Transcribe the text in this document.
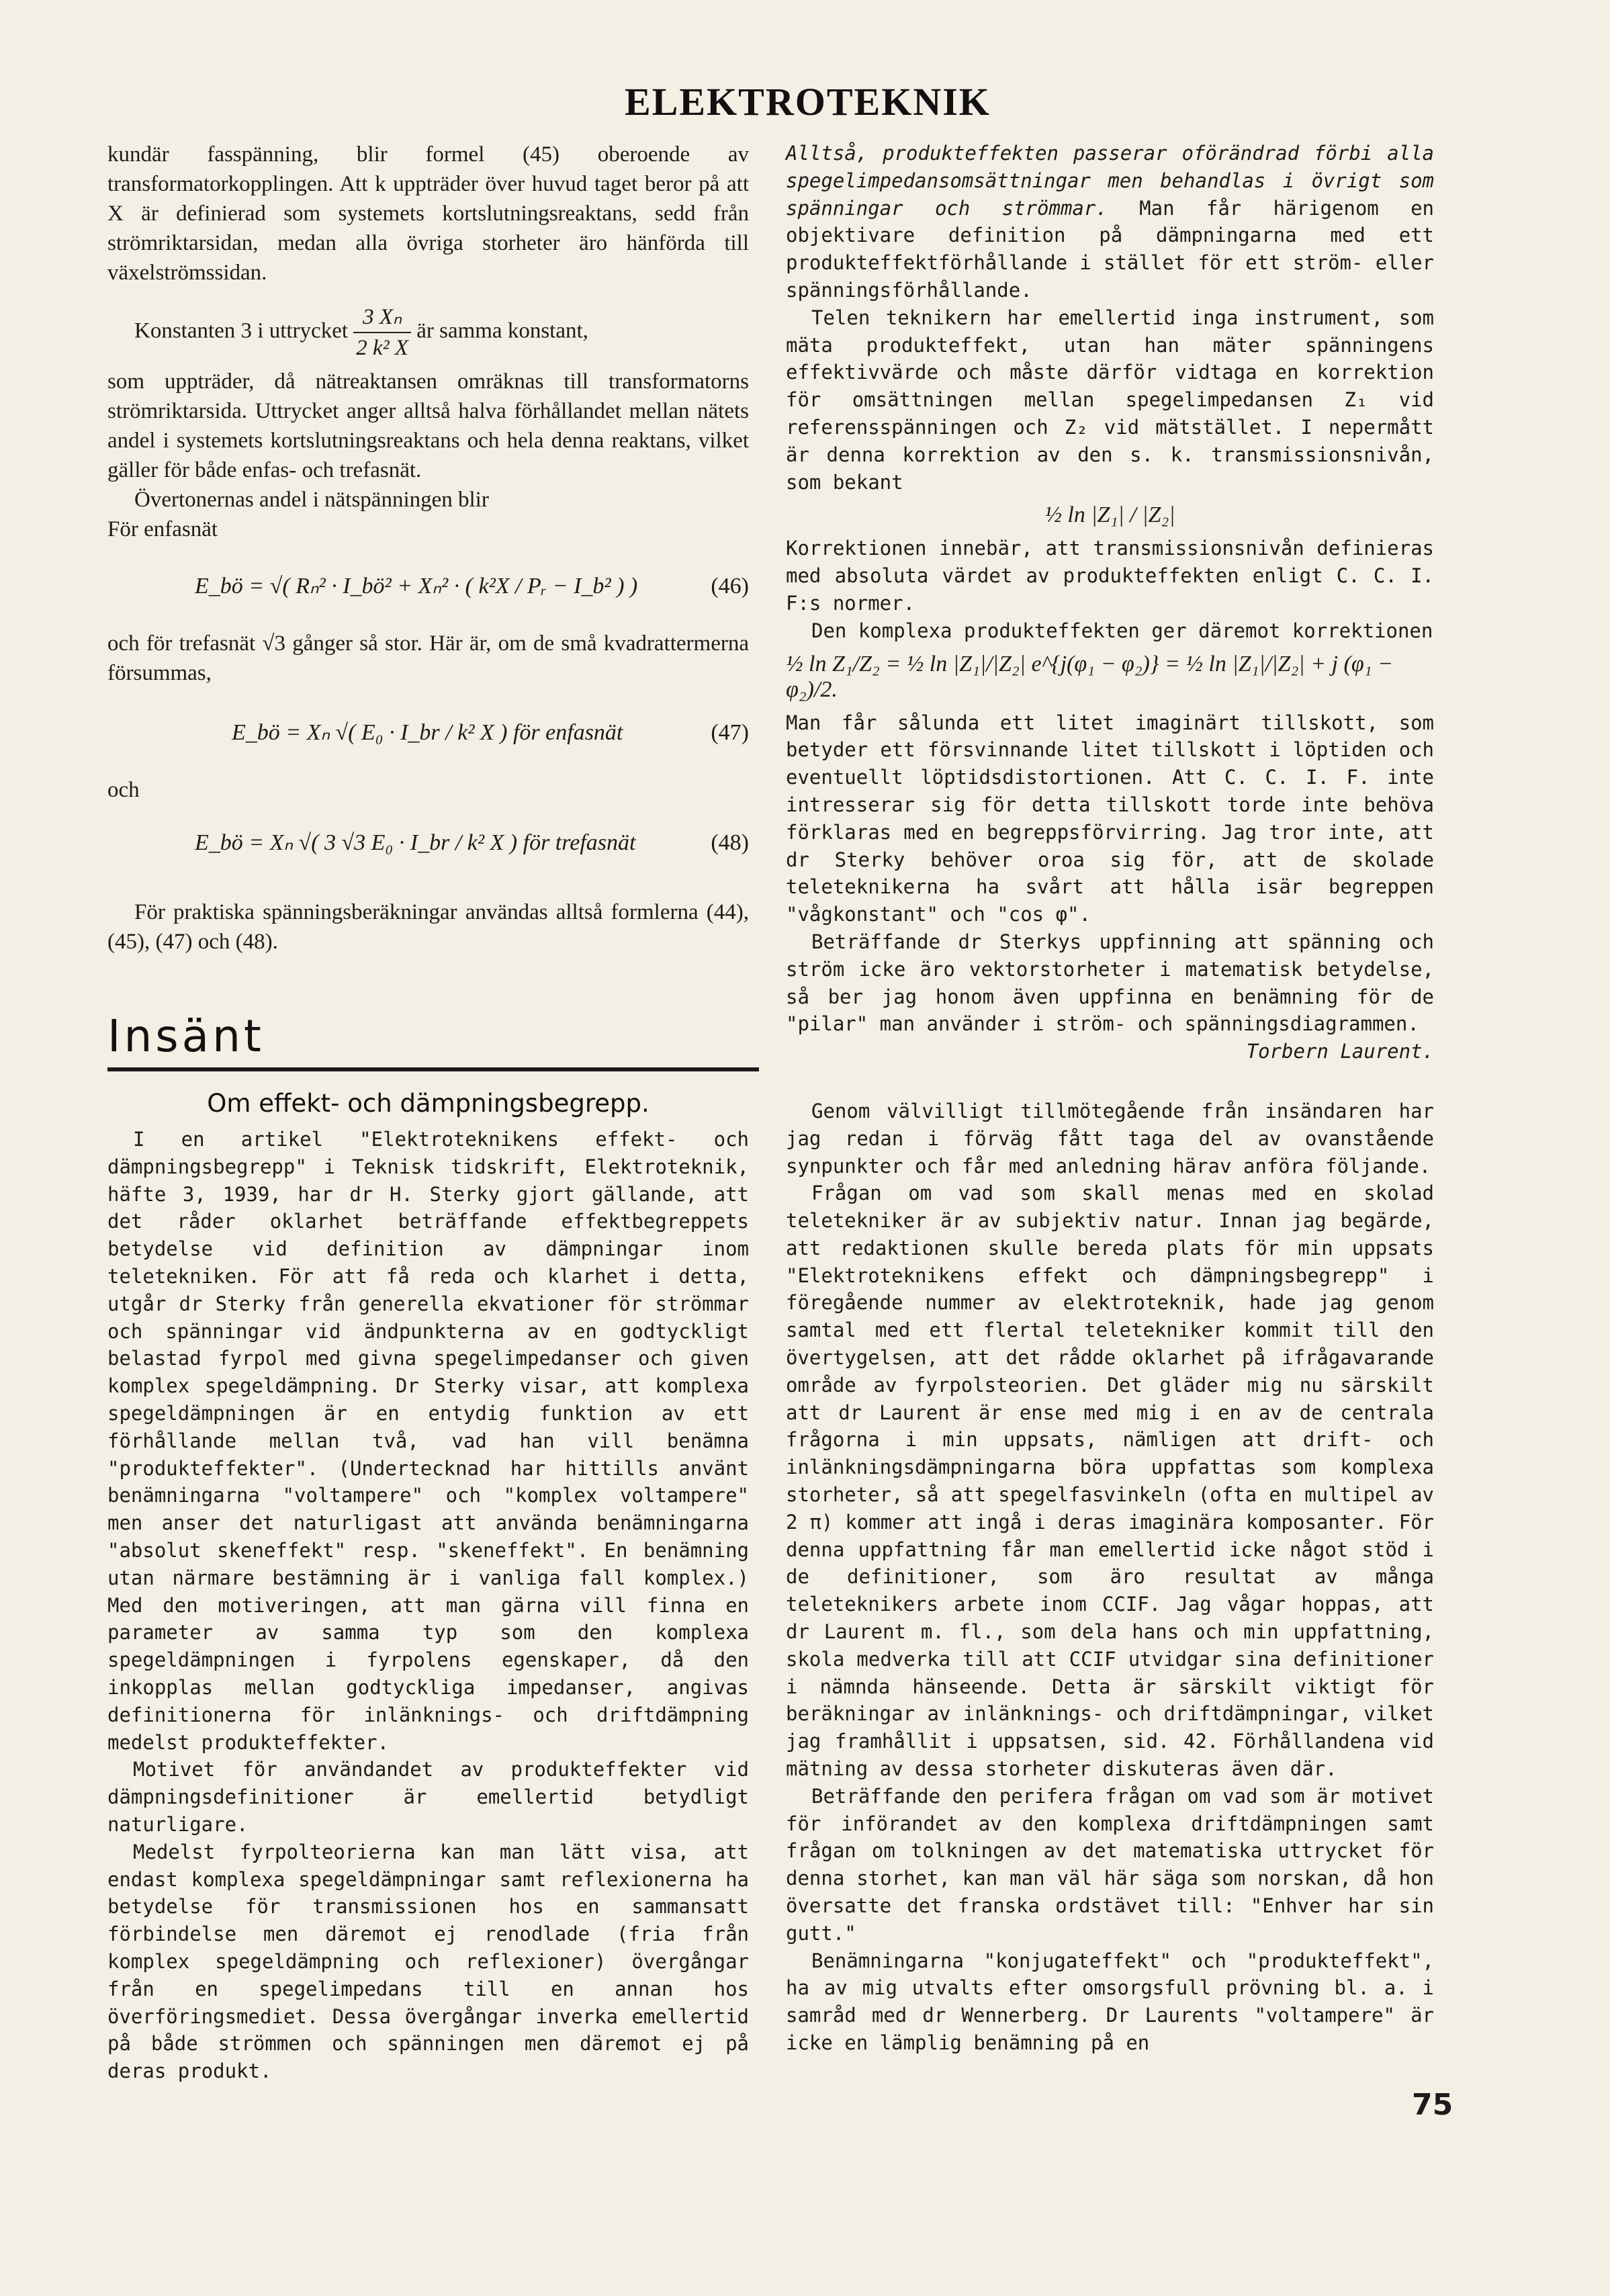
ELEKTROTEKNIK

kundär fasspänning, blir formel (45) oberoende av transformatorkopplingen. Att k uppträder över huvud taget beror på att X är definierad som systemets kortslutningsreaktans, sedd från strömriktarsidan, medan alla övriga storheter äro hänförda till växelströmssidan.

Konstanten 3 i uttrycket $\frac{\text{3 Xₙ}}{\text{2 k² X}}$ är samma konstant,

som uppträder, då nätreaktansen omräknas till transformatorns strömriktarsida. Uttrycket anger alltså halva förhållandet mellan nätets andel i systemets kortslutningsreaktans och hela denna reaktans, vilket gäller för både enfas- och trefasnät.

Övertonernas andel i nätspänningen blir

För enfasnät

E_bö = √( Rₙ² · I_bö² + Xₙ² · ( k²X / Pᵣ − I_b² ) )	(46)

och för trefasnät √3 gånger så stor. Här är, om de små kvadrattermerna försummas,

E_bö = Xₙ √( E₀ · I_br / k² X ) för enfasnät	(47)

och

E_bö = Xₙ √( 3 √3 E₀ · I_br / k² X ) för trefasnät	(48)

För praktiska spänningsberäkningar användas alltså formlerna (44), (45), (47) och (48).

Insänt
Om effekt- och dämpningsbegrepp.

I en artikel "Elektroteknikens effekt- och dämpningsbegrepp" i Teknisk tidskrift, Elektroteknik, häfte 3, 1939, har dr H. Sterky gjort gällande, att det råder oklarhet beträffande effektbegreppets betydelse vid definition av dämpningar inom teletekniken. För att få reda och klarhet i detta, utgår dr Sterky från generella ekvationer för strömmar och spänningar vid ändpunkterna av en godtyckligt belastad fyrpol med givna spegelimpedanser och given komplex spegeldämpning. Dr Sterky visar, att komplexa spegeldämpningen är en entydig funktion av ett förhållande mellan två, vad han vill benämna "produkteffekter". (Undertecknad har hittills använt benämningarna "voltampere" och "komplex voltampere" men anser det naturligast att använda benämningarna "absolut skeneffekt" resp. "skeneffekt". En benämning utan närmare bestämning är i vanliga fall komplex.) Med den motiveringen, att man gärna vill finna en parameter av samma typ som den komplexa spegeldämpningen i fyrpolens egenskaper, då den inkopplas mellan godtyckliga impedanser, angivas definitionerna för inlänknings- och driftdämpning medelst produkteffekter.

Motivet för användandet av produkteffekter vid dämpningsdefinitioner är emellertid betydligt naturligare.

Medelst fyrpolteorierna kan man lätt visa, att endast komplexa spegeldämpningar samt reflexionerna ha betydelse för transmissionen hos en sammansatt förbindelse men däremot ej renodlade (fria från komplex spegeldämpning och reflexioner) övergångar från en spegelimpedans till en annan hos överföringsmediet. Dessa övergångar inverka emellertid på både strömmen och spänningen men däremot ej på deras produkt.

Alltså, produkteffekten passerar oförändrad förbi alla spegelimpedansomsättningar men behandlas i övrigt som spänningar och strömmar. Man får härigenom en objektivare definition på dämpningarna med ett produkteffektförhållande i stället för ett ström- eller spänningsförhållande.

Telen teknikern har emellertid inga instrument, som mäta produkteffekt, utan han mäter spänningens effektivvärde och måste därför vidtaga en korrektion för omsättningen mellan spegelimpedansen Z₁ vid referensspänningen och Z₂ vid mätstället. I nepermått är denna korrektion av den s. k. transmissionsnivån, som bekant

½ ln |Z₁| / |Z₂|

Korrektionen innebär, att transmissionsnivån definieras med absoluta värdet av produkteffekten enligt C. C. I. F:s normer.

Den komplexa produkteffekten ger däremot korrektionen

½ ln Z₁/Z₂ = ½ ln |Z₁|/|Z₂| e^{j(φ₁ − φ₂)} = ½ ln |Z₁|/|Z₂| + j (φ₁ − φ₂)/2.

Man får sålunda ett litet imaginärt tillskott, som betyder ett försvinnande litet tillskott i löptiden och eventuellt löptidsdistortionen. Att C. C. I. F. inte intresserar sig för detta tillskott torde inte behöva förklaras med en begreppsförvirring. Jag tror inte, att dr Sterky behöver oroa sig för, att de skolade teleteknikerna ha svårt att hålla isär begreppen "vågkonstant" och "cos φ".

Beträffande dr Sterkys uppfinning att spänning och ström icke äro vektorstorheter i matematisk betydelse, så ber jag honom även uppfinna en benämning för de "pilar" man använder i ström- och spänningsdiagrammen.

Torbern Laurent.

Genom välvilligt tillmötegående från insändaren har jag redan i förväg fått taga del av ovanstående synpunkter och får med anledning härav anföra följande.

Frågan om vad som skall menas med en skolad teletekniker är av subjektiv natur. Innan jag begärde, att redaktionen skulle bereda plats för min uppsats "Elektroteknikens effekt och dämpningsbegrepp" i föregående nummer av elektroteknik, hade jag genom samtal med ett flertal teletekniker kommit till den övertygelsen, att det rådde oklarhet på ifrågavarande område av fyrpolsteorien. Det gläder mig nu särskilt att dr Laurent är ense med mig i en av de centrala frågorna i min uppsats, nämligen att drift- och inlänkningsdämpningarna böra uppfattas som komplexa storheter, så att spegelfasvinkeln (ofta en multipel av 2 π) kommer att ingå i deras imaginära komposanter. För denna uppfattning får man emellertid icke något stöd i de definitioner, som äro resultat av många teleteknikers arbete inom CCIF. Jag vågar hoppas, att dr Laurent m. fl., som dela hans och min uppfattning, skola medverka till att CCIF utvidgar sina definitioner i nämnda hänseende. Detta är särskilt viktigt för beräkningar av inlänknings- och driftdämpningar, vilket jag framhållit i uppsatsen, sid. 42. Förhållandena vid mätning av dessa storheter diskuteras även där.

Beträffande den perifera frågan om vad som är motivet för införandet av den komplexa driftdämpningen samt frågan om tolkningen av det matematiska uttrycket för denna storhet, kan man väl här säga som norskan, då hon översatte det franska ordstävet till: "Enhver har sin gutt."

Benämningarna "konjugateffekt" och "produkteffekt", ha av mig utvalts efter omsorgsfull prövning bl. a. i samråd med dr Wennerberg. Dr Laurents "voltampere" är icke en lämplig benämning på en

75
